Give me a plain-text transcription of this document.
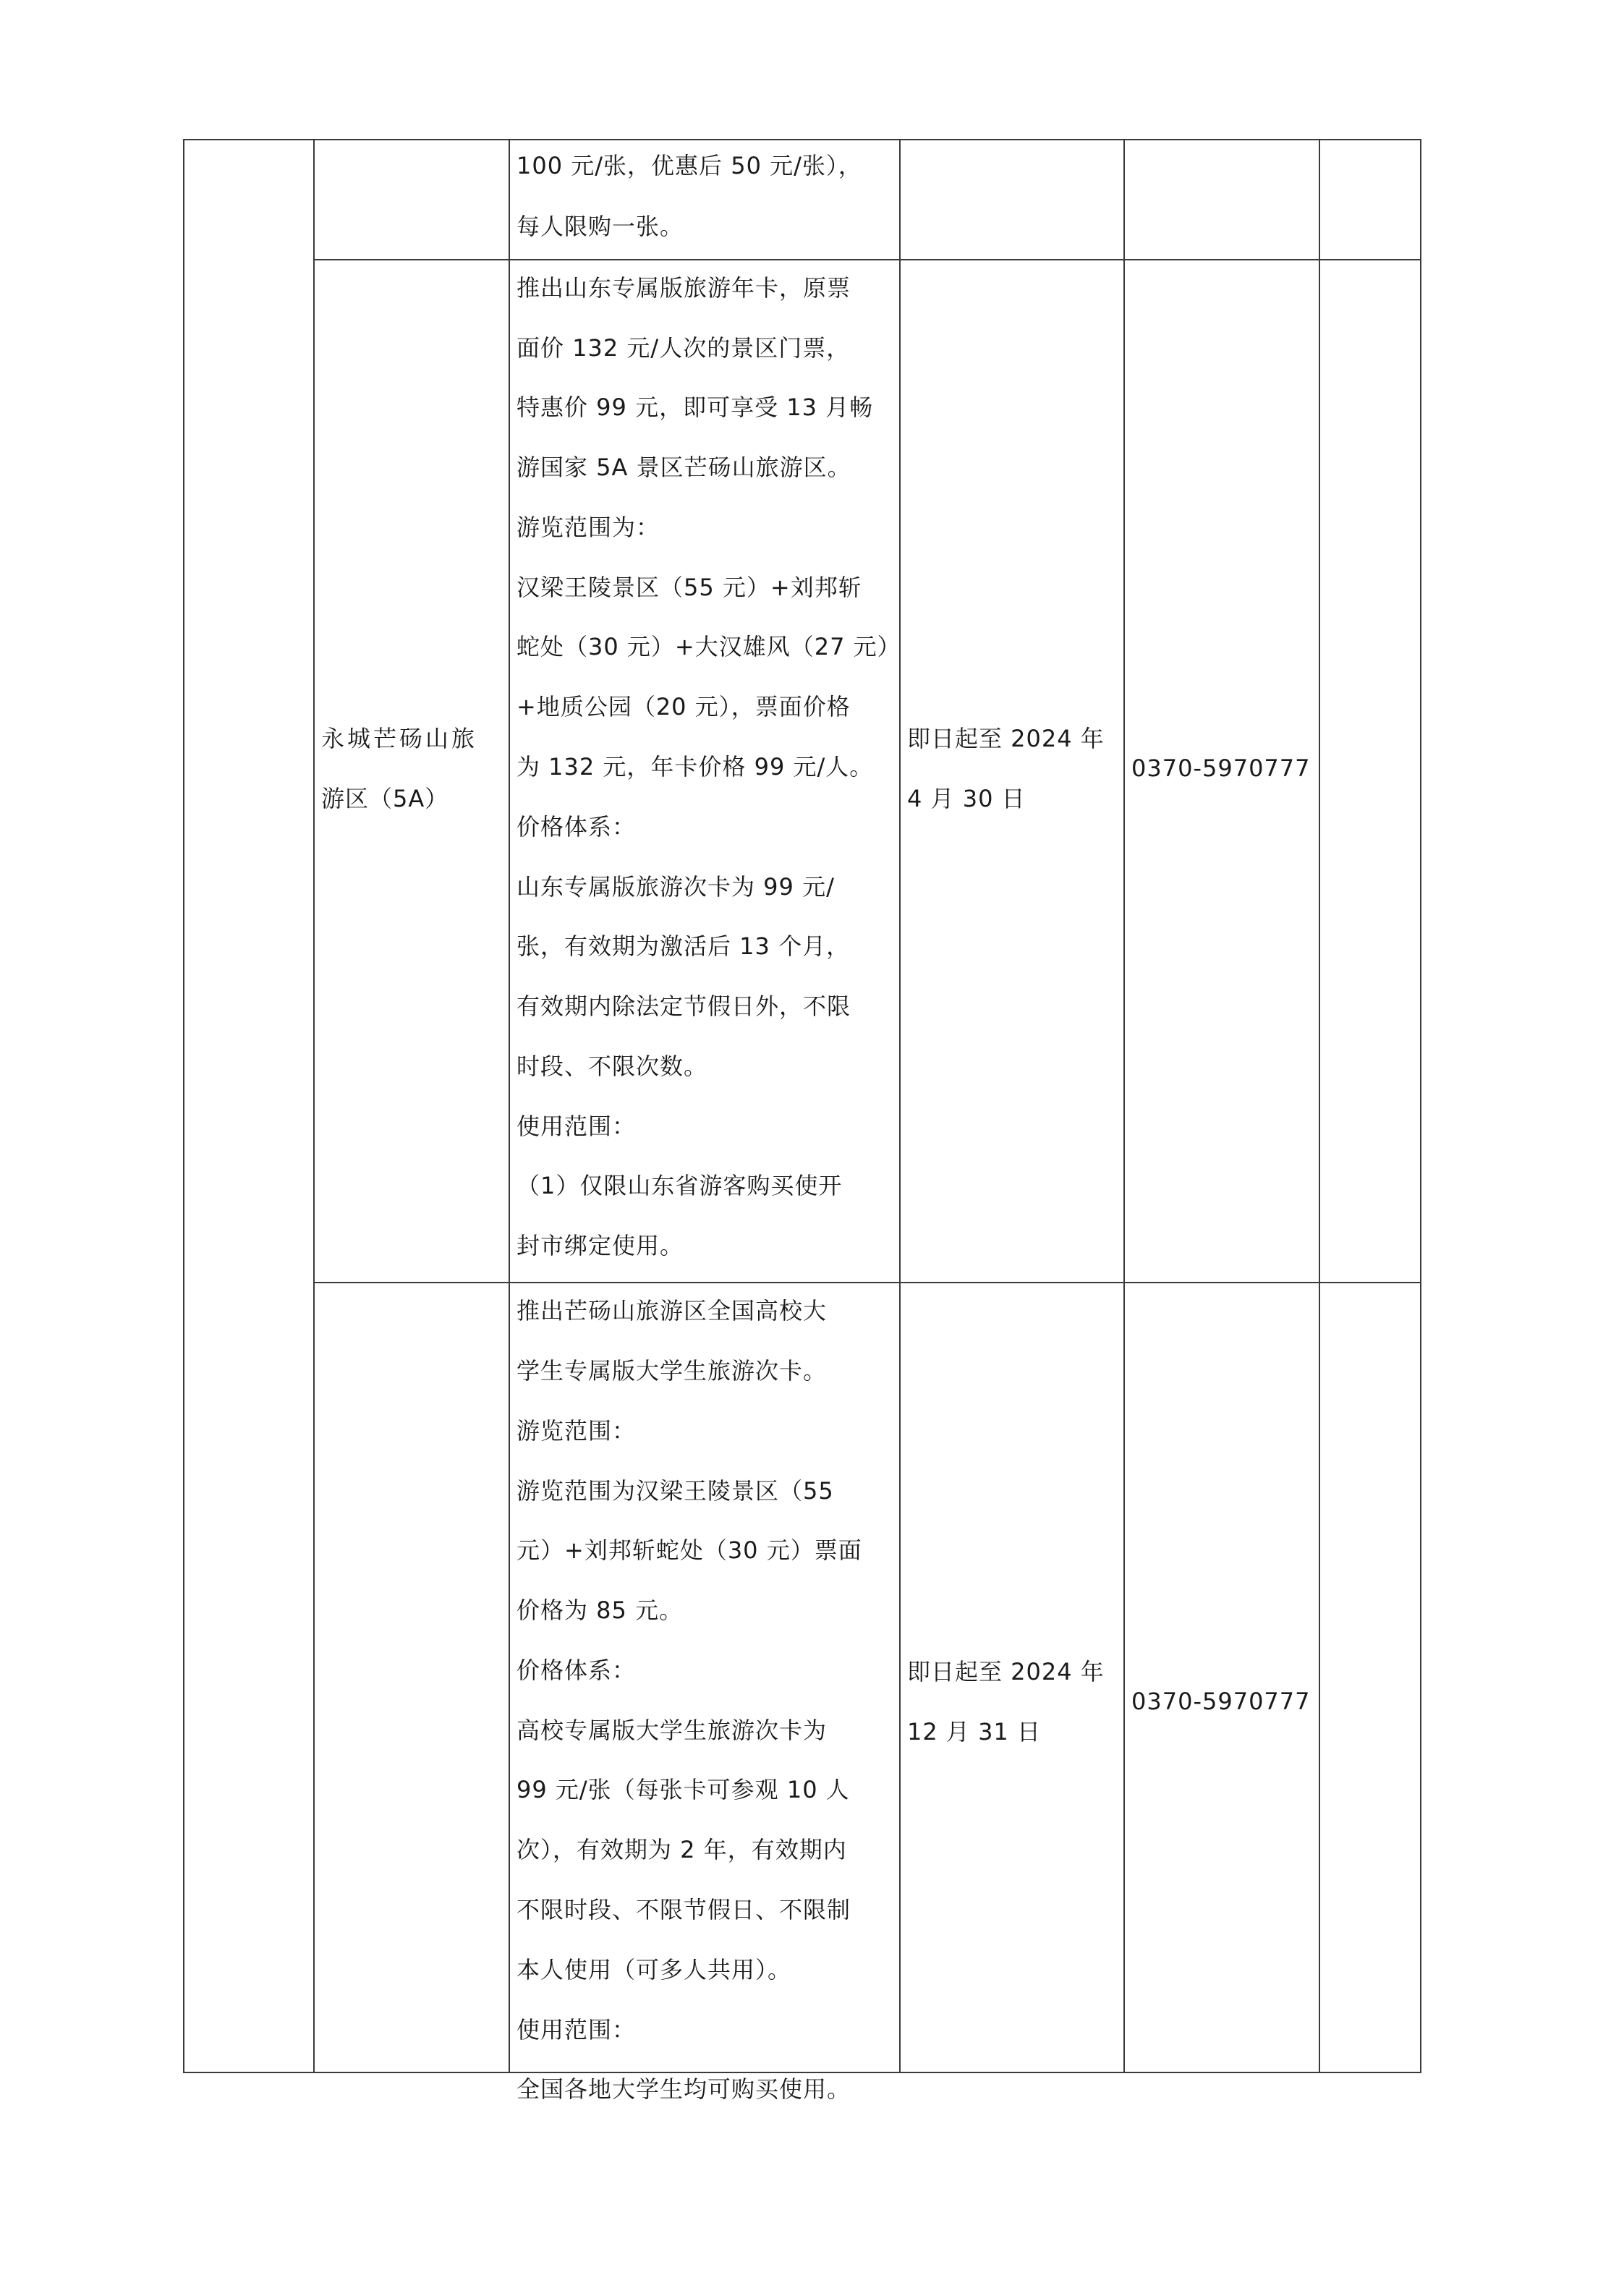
100 元/张，优惠后 50 元/张），
每人限购一张。
永城芒砀山旅
游区（5A）
推出山东专属版旅游年卡，原票
面价 132 元/人次的景区门票，
特惠价 99 元，即可享受 13 月畅
游国家 5A 景区芒砀山旅游区。
游览范围为：
汉梁王陵景区（55 元）+刘邦斩
蛇处（30 元）+大汉雄风（27 元）
+地质公园（20 元），票面价格
为 132 元，年卡价格 99 元/人。
价格体系：
山东专属版旅游次卡为 99 元/
张，有效期为激活后 13 个月，
有效期内除法定节假日外，不限
时段、不限次数。
使用范围：
（1）仅限山东省游客购买使开
封市绑定使用。
即日起至 2024 年
4 月 30 日
0370-5970777
推出芒砀山旅游区全国高校大
学生专属版大学生旅游次卡。
游览范围：
游览范围为汉梁王陵景区（55
元）+刘邦斩蛇处（30 元）票面
价格为 85 元。
价格体系：
高校专属版大学生旅游次卡为
99 元/张（每张卡可参观 10 人
次），有效期为 2 年，有效期内
不限时段、不限节假日、不限制
本人使用（可多人共用）。
使用范围：
全国各地大学生均可购买使用。
即日起至 2024 年
12 月 31 日
0370-5970777
